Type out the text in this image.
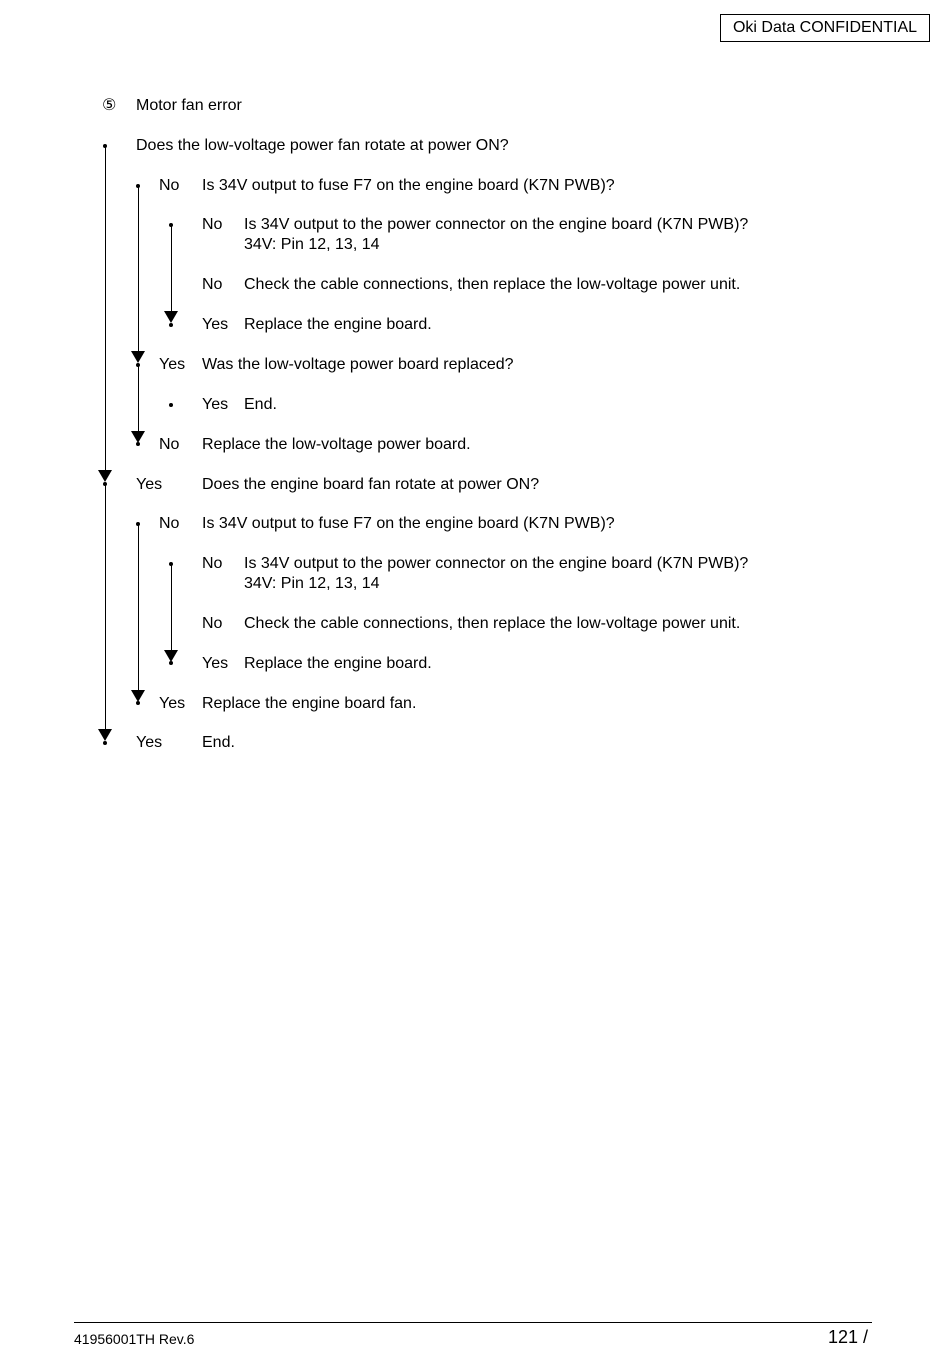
Oki Data CONFIDENTIAL
⑤ Motor fan error
Does the low-voltage power fan rotate at power ON?
No Is 34V output to fuse F7 on the engine board (K7N PWB)?
No Is 34V output to the power connector on the engine board (K7N PWB)?
34V: Pin 12, 13, 14
No Check the cable connections, then replace the low-voltage power unit.
Yes Replace the engine board.
Yes Was the low-voltage power board replaced?
Yes End.
No Replace the low-voltage power board.
Yes Does the engine board fan rotate at power ON?
No Is 34V output to fuse F7 on the engine board (K7N PWB)?
No Is 34V output to the power connector on the engine board (K7N PWB)?
34V: Pin 12, 13, 14
No Check the cable connections, then replace the low-voltage power unit.
Yes Replace the engine board.
Yes Replace the engine board fan.
Yes End.
41956001TH Rev.6	121 /
